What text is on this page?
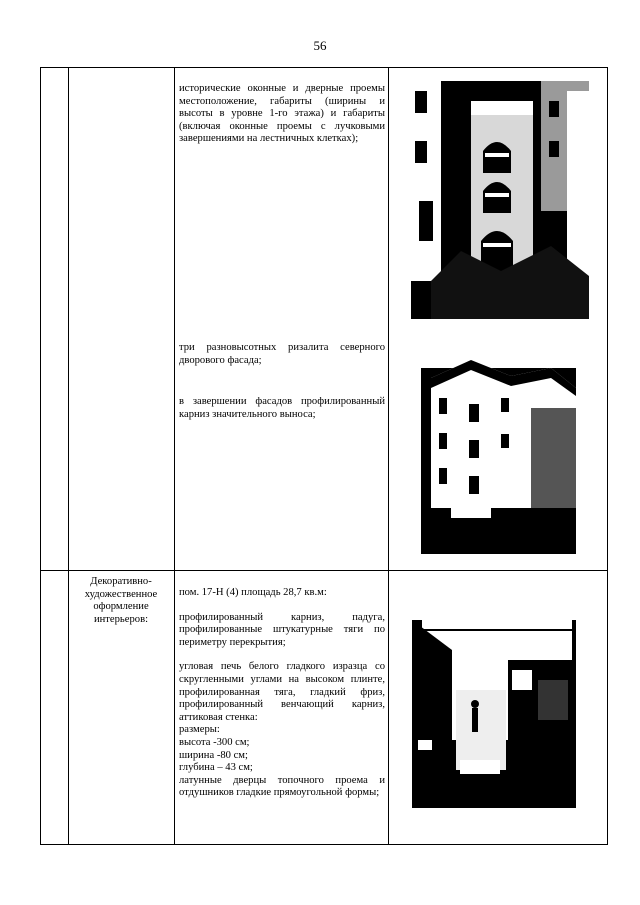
56
исторические оконные и дверные проемы местоположение, габариты (ширины и высоты в уровне 1-го этажа) и габариты (включая оконные проемы с лучковыми завершениями на лестничных клетках);
три разновысотных ризалита северного дворового фасада;
в завершении фасадов профилированный карниз значительного выноса;
Декоративно-художественное оформление интерьеров:

пом. 17-Н (4) площадь 28,7 кв.м:

профилированный карниз, падуга, профилированные штукатурные тяги по периметру перекрытия;

угловая печь белого гладкого изразца со скругленными углами на высоком плинте, профилированная тяга, гладкий фриз, профилированный венчающий карниз, аттиковая стенка:

размеры:

высота -300 см;

ширина -80 см;

глубина – 43 см;

латунные дверцы топочного проема и отдушников гладкие прямоугольной формы;
